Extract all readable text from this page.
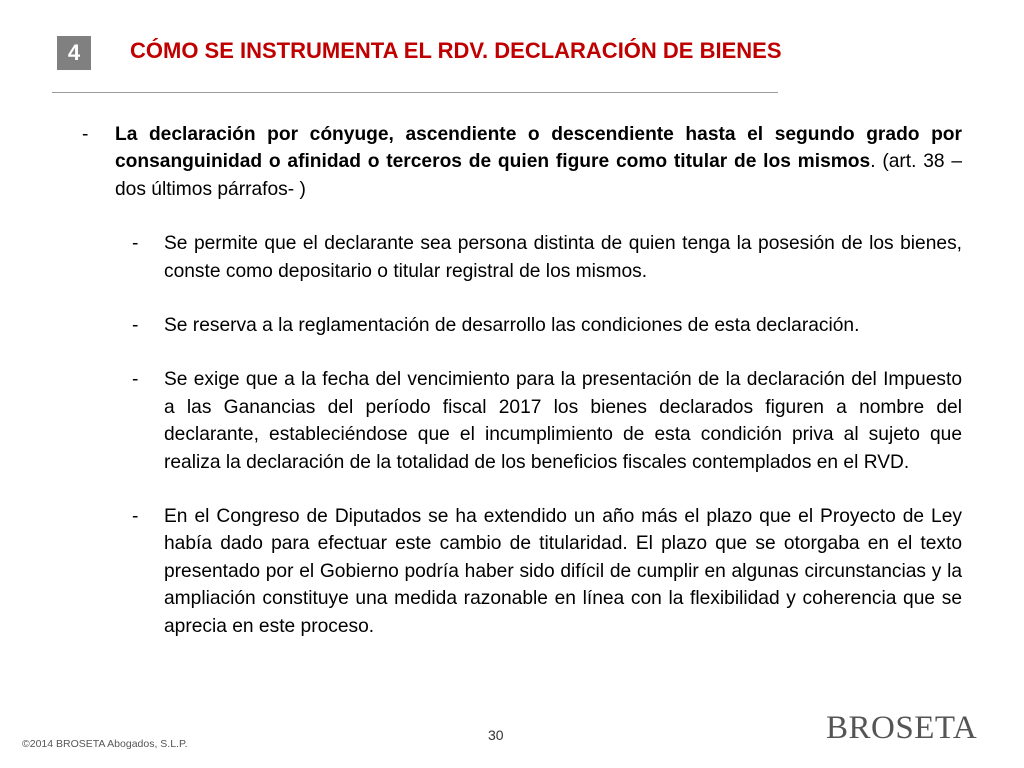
4	CÓMO SE INSTRUMENTA EL RDV. DECLARACIÓN DE BIENES
- La declaración por cónyuge, ascendiente o descendiente hasta el segundo grado por consanguinidad o afinidad o terceros de quien figure como titular de los mismos. (art. 38 – dos últimos párrafos- )
- Se permite que el declarante sea persona distinta de quien tenga la posesión de los bienes, conste como depositario o titular registral de los mismos.
- Se reserva a la reglamentación de desarrollo las condiciones de esta declaración.
- Se exige que a la fecha del vencimiento para la presentación de la declaración del Impuesto a las Ganancias del período fiscal 2017 los bienes declarados figuren a nombre del declarante, estableciéndose que el incumplimiento de esta condición priva al sujeto que realiza la declaración de la totalidad de los beneficios fiscales contemplados en el RVD.
- En el Congreso de Diputados se ha extendido un año más el plazo que el Proyecto de Ley había dado para efectuar este cambio de titularidad. El plazo que se otorgaba en el texto presentado por el Gobierno podría haber sido difícil de cumplir en algunas circunstancias y la ampliación constituye una medida razonable en línea con la flexibilidad y coherencia que se aprecia en este proceso.
©2014 BROSETA Abogados, S.L.P.
30	BROSETA
